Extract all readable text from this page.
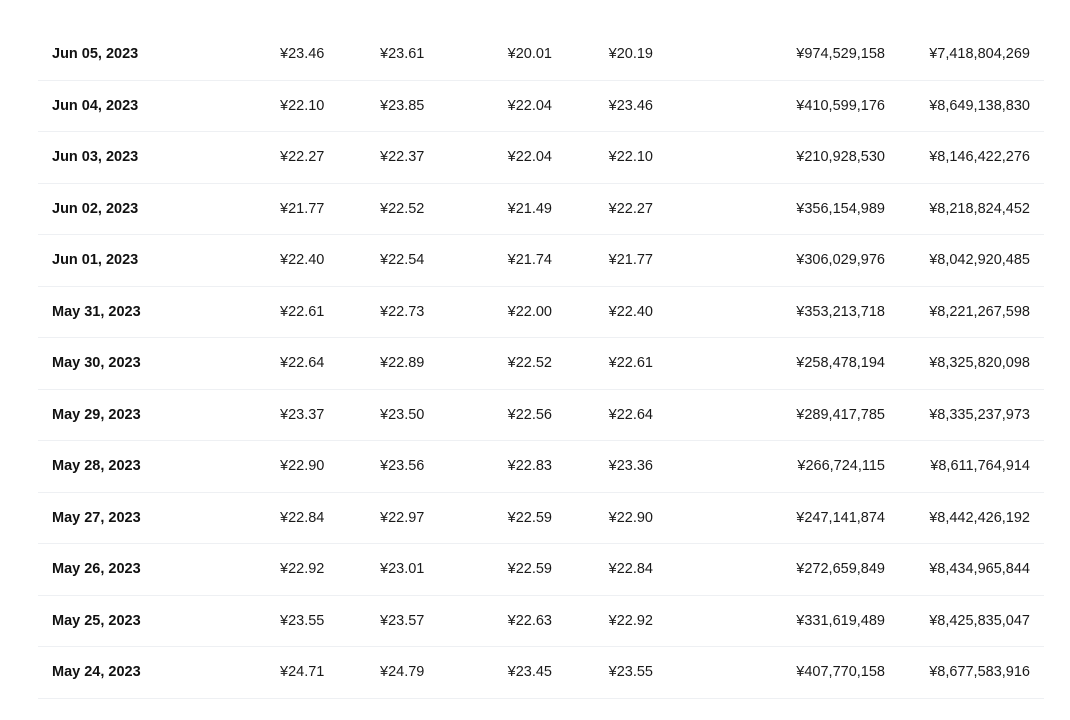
Jun 05, 2023	¥23.46	¥23.61	¥20.01	¥20.19	¥974,529,158	¥7,418,804,269
Jun 04, 2023	¥22.10	¥23.85	¥22.04	¥23.46	¥410,599,176	¥8,649,138,830
Jun 03, 2023	¥22.27	¥22.37	¥22.04	¥22.10	¥210,928,530	¥8,146,422,276
Jun 02, 2023	¥21.77	¥22.52	¥21.49	¥22.27	¥356,154,989	¥8,218,824,452
Jun 01, 2023	¥22.40	¥22.54	¥21.74	¥21.77	¥306,029,976	¥8,042,920,485
May 31, 2023	¥22.61	¥22.73	¥22.00	¥22.40	¥353,213,718	¥8,221,267,598
May 30, 2023	¥22.64	¥22.89	¥22.52	¥22.61	¥258,478,194	¥8,325,820,098
May 29, 2023	¥23.37	¥23.50	¥22.56	¥22.64	¥289,417,785	¥8,335,237,973
May 28, 2023	¥22.90	¥23.56	¥22.83	¥23.36	¥266,724,115	¥8,611,764,914
May 27, 2023	¥22.84	¥22.97	¥22.59	¥22.90	¥247,141,874	¥8,442,426,192
May 26, 2023	¥22.92	¥23.01	¥22.59	¥22.84	¥272,659,849	¥8,434,965,844
May 25, 2023	¥23.55	¥23.57	¥22.63	¥22.92	¥331,619,489	¥8,425,835,047
May 24, 2023	¥24.71	¥24.79	¥23.45	¥23.55	¥407,770,158	¥8,677,583,916
